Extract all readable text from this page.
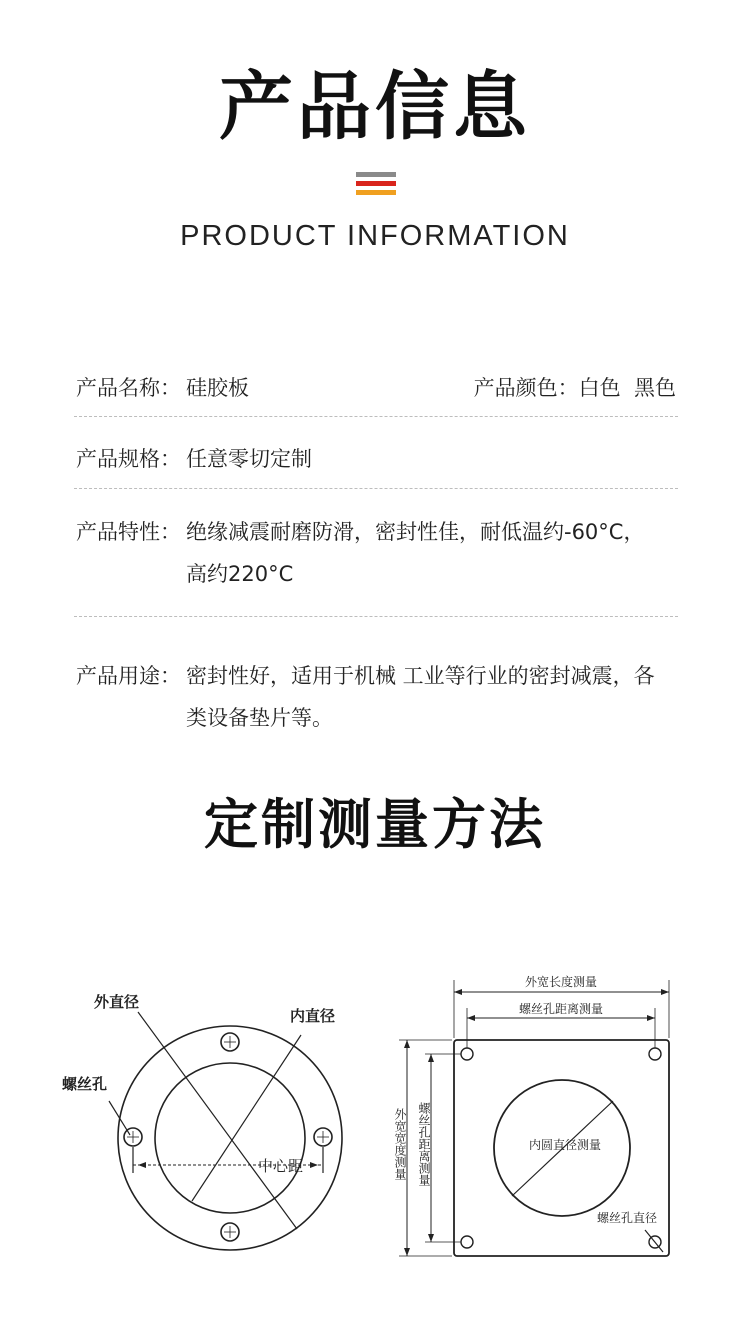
产品信息
PRODUCT INFORMATION
产品名称： 硅胶板	产品颜色：白色  黑色
产品规格： 任意零切定制
产品特性： 绝缘减震耐磨防滑，密封性佳，耐低温约-60°C，
高约220°C
产品用途： 密封性好，适用于机械 工业等行业的密封减震，各
类设备垫片等。
定制测量方法
外直径
内直径
螺丝孔
中心距
外宽长度测量
螺丝孔距离测量
内圆直径测量
螺丝孔直径
外宽宽度测量 螺丝孔距离测量
